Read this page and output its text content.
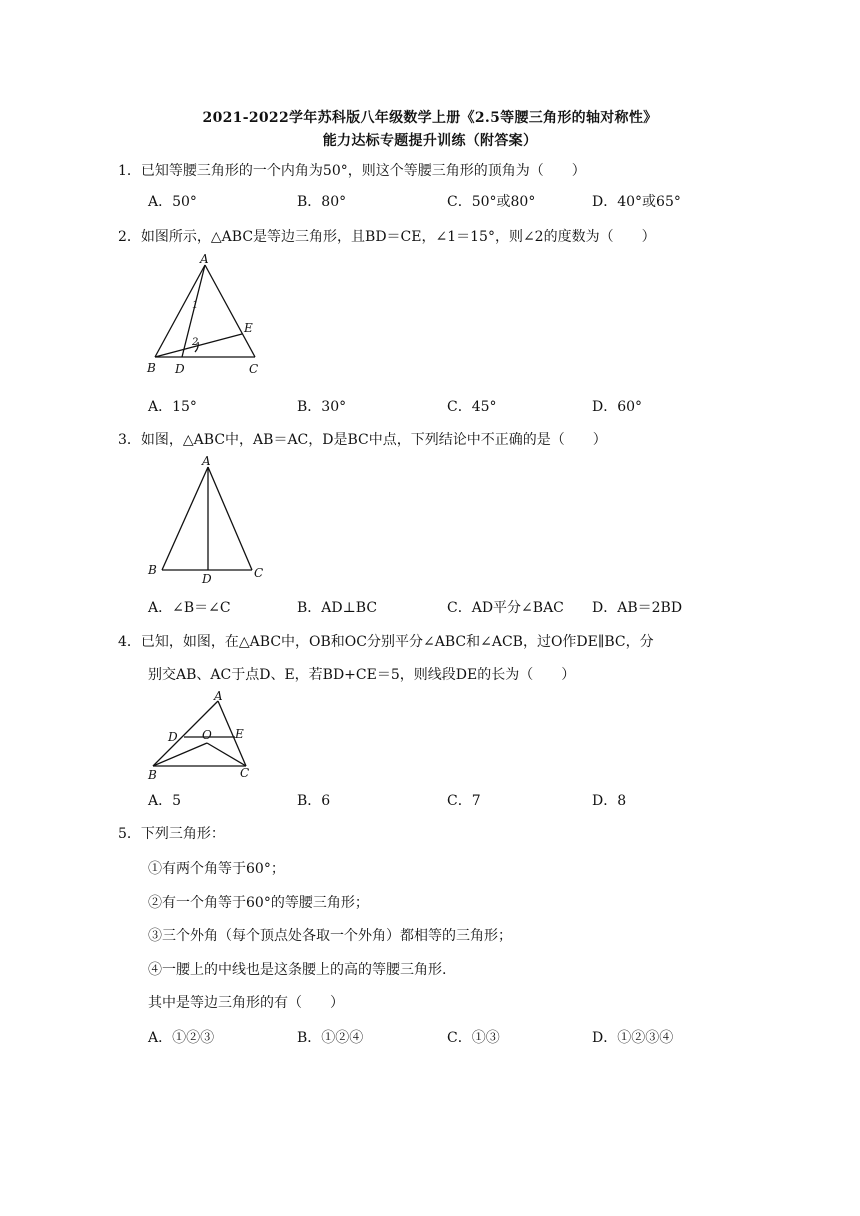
2021-2022学年苏科版八年级数学上册《2.5等腰三角形的轴对称性》
能力达标专题提升训练（附答案）
1．已知等腰三角形的一个内角为50°，则这个等腰三角形的顶角为（　　）
A．50°	B．80°	C．50°或80°	D．40°或65°
2．如图所示，△ABC是等边三角形，且BD＝CE，∠1＝15°，则∠2的度数为（　　）
A
B D	C
E
1
2
A．15°	B．30°	C．45°	D．60°
3．如图，△ABC中，AB＝AC，D是BC中点，下列结论中不正确的是（　　）
A
B
D	C
A．∠B＝∠C	B．AD⊥BC	C．AD平分∠BAC D．AB＝2BD
4．已知，如图，在△ABC中，OB和OC分别平分∠ABC和∠ACB，过O作DE∥BC，分
别交AB、AC于点D、E，若BD+CE＝5，则线段DE的长为（　　）
A
D O E
B	C
A．5	B．6	C．7	D．8
5．下列三角形：
①有两个角等于60°；
②有一个角等于60°的等腰三角形；
③三个外角（每个顶点处各取一个外角）都相等的三角形；
④一腰上的中线也是这条腰上的高的等腰三角形.
其中是等边三角形的有（　　）
A．①②③	B．①②④	C．①③	D．①②③④
